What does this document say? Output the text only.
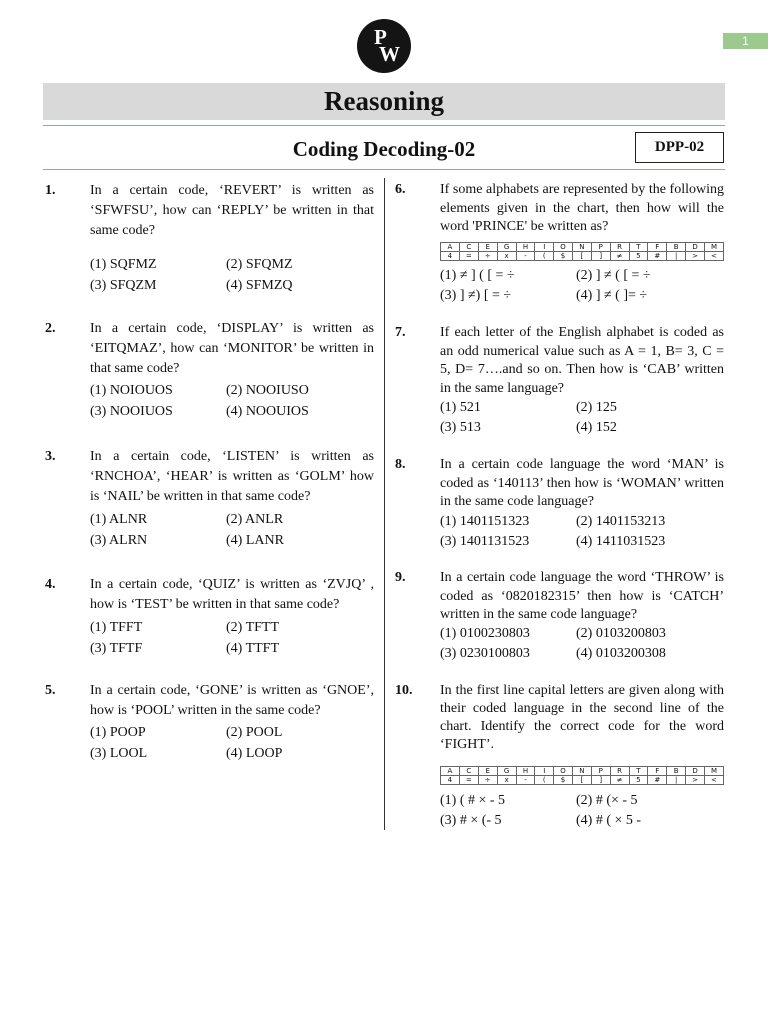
P
W
1
Reasoning
Coding Decoding-02	DPP-02
1. In a certain code, ‘REVERT’ is written as ‘SFWFSU’, how can ‘REPLY’ be written in that same code?
(1) SQFMZ	(2) SFQMZ
(3) SFQZM	(4) SFMZQ
2. In a certain code, ‘DISPLAY’ is written as ‘EITQMAZ’, how can ‘MONITOR’ be written in that same code?
(1) NOIOUOS	(2) NOOIUSO
(3) NOOIUOS	(4) NOOUIOS
3. In a certain code, ‘LISTEN’ is written as ‘RNCHOA’, ‘HEAR’ is written as ‘GOLM’ how is ‘NAIL’ be written in that same code?
(1) ALNR	(2) ANLR
(3) ALRN	(4) LANR
4. In a certain code, ‘QUIZ’ is written as ‘ZVJQ’ , how is ‘TEST’ be written in that same code?
(1) TFFT	(2) TFTT
(3) TFTF	(4) TTFT
5. In a certain code, ‘GONE’ is written as ‘GNOE’, how is ‘POOL’ written in the same code?
(1) POOP	(2) POOL
(3) LOOL	(4) LOOP
6. If some alphabets are represented by the following elements given in the chart, then how will the word 'PRINCE' be written as?
A	C	E	G	H	I	O	N	P	R	T	F	B	D	M
4	=	÷	x	-	(	$	[	]	≠	5	#	|	>	<
(1) ≠ ] ( [ = ÷	(2) ] ≠ ( [ = ÷
(3) ] ≠) [ = ÷	(4) ] ≠ ( ]= ÷
7. If each letter of the English alphabet is coded as an odd numerical value such as A = 1, B= 3, C = 5, D= 7….and so on. Then how is ‘CAB’ written in the same language?
(1) 521	(2) 125
(3) 513	(4) 152
8. In a certain code language the word ‘MAN’ is coded as ‘140113’ then how is ‘WOMAN’ written in the same code language?
(1) 1401151323	(2) 1401153213
(3) 1401131523	(4) 1411031523
9. In a certain code language the word ‘THROW’ is coded as ‘0820182315’ then how is ‘CATCH’ written in the same code language?
(1) 0100230803	(2) 0103200803
(3) 0230100803	(4) 0103200308
10. In the first line capital letters are given along with their coded language in the second line of the chart. Identify the correct code for the word ‘FIGHT’.
A	C	E	G	H	I	O	N	P	R	T	F	B	D	M
4	=	÷	x	-	(	$	[	]	≠	5	#	|	>	<
(1) ( # × - 5	(2) # (× - 5
(3) # × (- 5	(4) # ( × 5 -
